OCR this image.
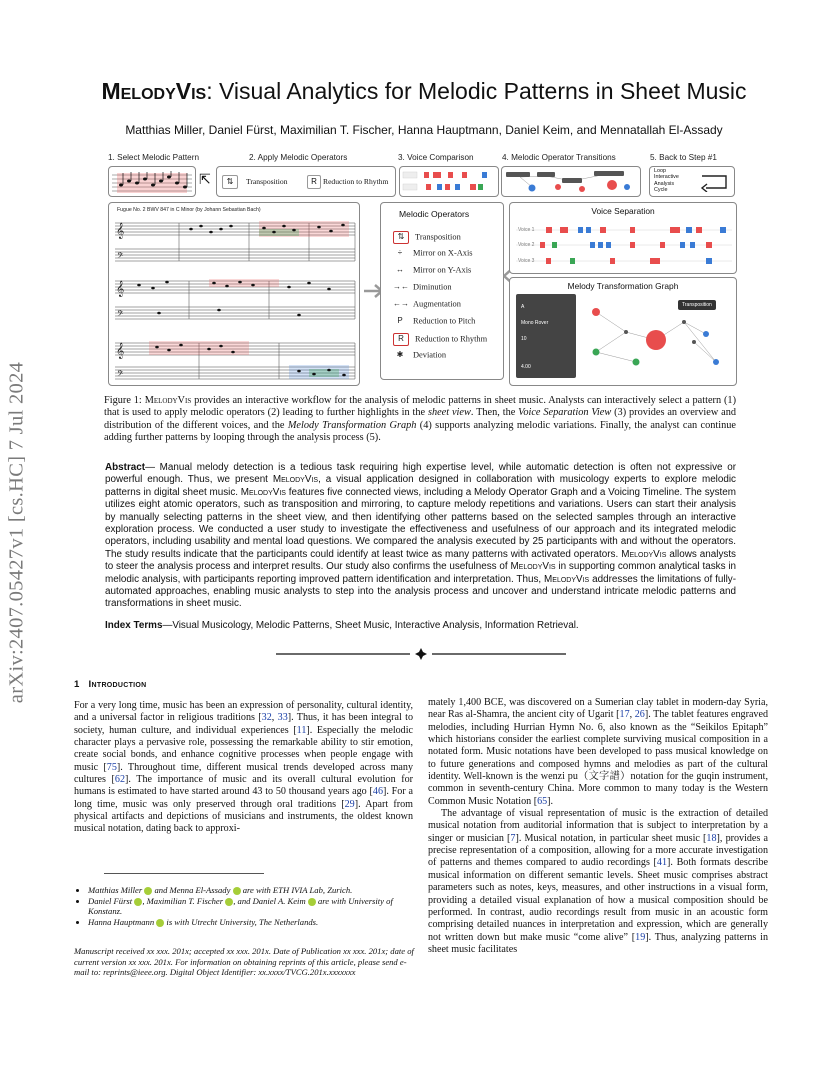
arXiv:2407.05427v1 [cs.HC] 7 Jul 2024
MelodyVis: Visual Analytics for Melodic Patterns in Sheet Music
Matthias Miller, Daniel Fürst, Maximilian T. Fischer, Hanna Hauptmann, Daniel Keim, and Mennatallah El-Assady
1. Select Melodic Pattern	2. Apply Melodic Operators	3. Voice Comparison	4. Melodic Operator Transitions	5. Back to Step #1
⇱	⇅	Transposition	R Reduction to Rhythm
Loop
Interactive
Analysis
Cycle
Fugue No. 2 BWV 847 in C Minor (by Johann Sebastian Bach)
𝄞
𝄞
𝄞
𝄢
𝄢
𝄢
Melodic Operators
⇅ Transposition
÷ Mirror on X-Axis
↔ Mirror on Y-Axis
→← Diminution
←→ Augmentation
P Reduction to Pitch
R Reduction to Rhythm
✱ Deviation
Voice Separation
Voice 1
Voice 2
Voice 3
Melody Transformation Graph
A
Mono Rover
10
4.00
Transposition
Figure 1: MelodyVis provides an interactive workflow for the analysis of melodic patterns in sheet music. Analysts can interactively select a pattern (1) that is used to apply melodic operators (2) leading to further highlights in the sheet view. Then, the Voice Separation View (3) provides an overview and distribution of the different voices, and the Melody Transformation Graph (4) supports analyzing melodic variations. Finally, the analyst can continue adding further patterns by looping through the analysis process (5).
Abstract— Manual melody detection is a tedious task requiring high expertise level, while automatic detection is often not expressive or powerful enough. Thus, we present MelodyVis, a visual application designed in collaboration with musicology experts to explore melodic patterns in digital sheet music. MelodyVis features five connected views, including a Melody Operator Graph and a Voicing Timeline. The system utilizes eight atomic operators, such as transposition and mirroring, to capture melody repetitions and variations. Users can start their analysis by manually selecting patterns in the sheet view, and then identifying other patterns based on the selected samples through an interactive exploration process. We conducted a user study to investigate the effectiveness and usefulness of our approach and its integrated melodic operators, including usability and mental load questions. We compared the analysis executed by 25 participants with and without the operators. The study results indicate that the participants could identify at least twice as many patterns with activated operators. MelodyVis allows analysts to steer the analysis process and interpret results. Our study also confirms the usefulness of MelodyVis in supporting common analytical tasks in melodic analysis, with participants reporting improved pattern identification and interpretation. Thus, MelodyVis addresses the limitations of fully-automated approaches, enabling music analysts to step into the analysis process and uncover and understand intricate melodic patterns and transformations in sheet music.
Index Terms—Visual Musicology, Melodic Patterns, Sheet Music, Interactive Analysis, Information Retrieval.
1 Introduction
For a very long time, music has been an expression of personality, cultural identity, and a universal factor in religious traditions [32, 33]. Thus, it has been integral to society, human culture, and individual experiences [11]. Especially the melodic character plays a pervasive role, possessing the remarkable ability to stir emotion, create social bonds, and enhance cognitive processes when people engage with music [75]. Throughout time, different musical trends developed across many cultures [62]. The importance of music and its overall cultural evolution for humans is estimated to have started around 43 to 50 thousand years ago [46]. For a long time, music was only preserved through oral traditions [29]. Apart from physical artifacts and depictions of musicians and instruments, the oldest known musical notation, dating back to approxi-
• Matthias Miller  and Menna El-Assady  are with ETH IVIA Lab, Zurich.
• Daniel Fürst , Maximilian T. Fischer , and Daniel A. Keim  are with University of Konstanz.
• Hanna Hauptmann  is with Utrecht University, The Netherlands.
Manuscript received xx xxx. 201x; accepted xx xxx. 201x. Date of Publication xx xxx. 201x; date of current version xx xxx. 201x. For information on obtaining reprints of this article, please send e-mail to: reprints@ieee.org. Digital Object Identifier: xx.xxxx/TVCG.201x.xxxxxxx

mately 1,400 BCE, was discovered on a Sumerian clay tablet in modern-day Syria, near Ras al-Shamra, the ancient city of Ugarit [17, 26]. The tablet features engraved melodies, including Hurrian Hymn No. 6, also known as the “Seikilos Epitaph” which historians consider the earliest complete surviving musical composition in a notated form. Music notations have been developed to pass musical knowledge on to future generations and composed hymns and melodies as part of the cultural identity. Well-known is the wenzi pu（文字譜）notation for the guqin instrument, common in seventh-century China. More common to many today is the Western Common Music Notation [65].

The advantage of visual representation of music is the extraction of detailed musical notation from auditorial information that is subject to interpretation by a singer or musician [7]. Musical notation, in particular sheet music [18], provides a precise representation of a composition, allowing for a more accurate investigation of patterns and themes compared to audio recordings [41]. Both formats describe musical information on different semantic levels. Sheet music comprises abstract parameters such as notes, keys, measures, and other instructions in a visual form, providing a detailed visual explanation of how a musical composition should be performed. In contrast, audio recordings result from music in an acoustic form comprising detailed nuances in interpretation and expression, which are generally not written down but make music “come alive” [19]. Thus, analyzing patterns in sheet music facilitates
